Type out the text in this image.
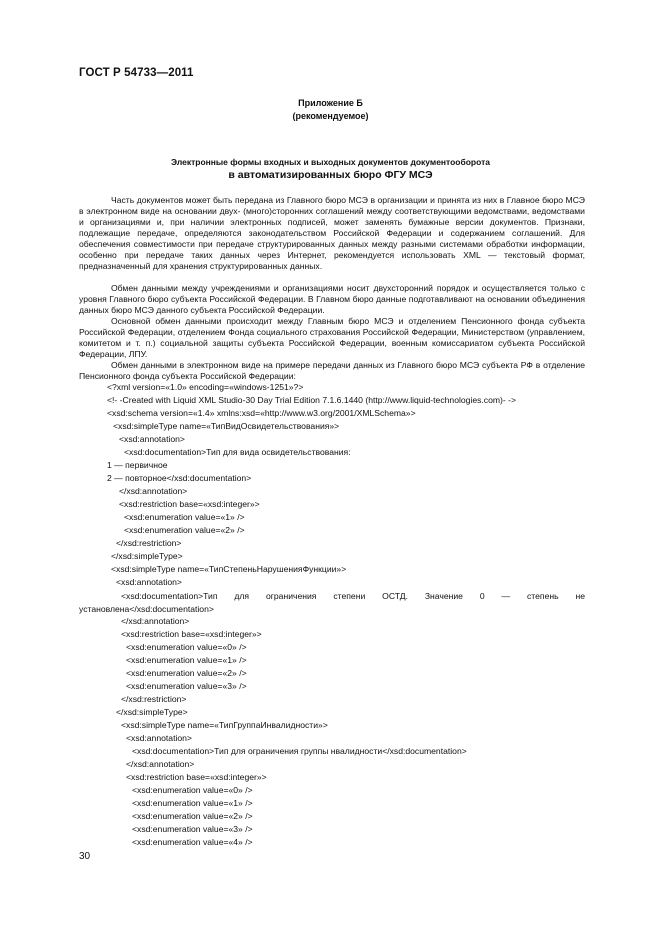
ГОСТ Р 54733—2011
Приложение Б
(рекомендуемое)
Электронные формы входных и выходных документов документооборота
в автоматизированных бюро ФГУ МСЭ

Часть документов может быть передана из Главного бюро МСЭ в организации и принята из них в Главное бюро МСЭ в электронном виде на основании двух- (много)сторонних соглашений между соответствующими ведомствами, ведомствами и организациями и, при наличии электронных подписей, может заменять бумажные версии документов. Признаки, подлежащие передаче, определяются законодательством Российской Федерации и содержанием соглашений. Для обеспечения совместимости при передаче структурированных данных между разными системами обработки информации, особенно при передаче таких данных через Интернет, рекомендуется использовать XML — текстовый формат, предназначенный для хранения структурированных данных.

Обмен данными между учреждениями и организациями носит двухсторонний порядок и осуществляется только с уровня Главного бюро субъекта Российской Федерации. В Главном бюро данные подготавливают на основании объединения данных бюро МСЭ данного субъекта Российской Федерации.

Основной обмен данными происходит между Главным бюро МСЭ и отделением Пенсионного фонда субъекта Российской Федерации, отделением Фонда социального страхования Российской Федерации, Министерством (управлением, комитетом и т. п.) социальной защиты субъекта Российской Федерации, военным комиссариатом субъекта Российской Федерации, ЛПУ.

Обмен данными в электронном виде на примере передачи данных из Главного бюро МСЭ субъекта РФ в отделение Пенсионного фонда субъекта Российской Федерации:

<?xml version=«1.0» encoding=«windows-1251»?>
<!- -Created with Liquid XML Studio-30 Day Trial Edition 7.1.6.1440 (http://www.liquid-technologies.com)- ->
<xsd:schema version=«1.4» xmlns:xsd=«http://www.w3.org/2001/XMLSchema»>
<xsd:simpleType name=«ТипВидОсвидетельствования»>
<xsd:annotation>
<xsd:documentation>Тип для вида освидетельствования:
1 — первичное
2 — повторное</xsd:documentation>
</xsd:annotation>
<xsd:restriction base=«xsd:integer»>
<xsd:enumeration value=«1» />
<xsd:enumeration value=«2» />
</xsd:restriction>
</xsd:simpleType>
<xsd:simpleType name=«ТипСтепеньНарушенияФункции»>
<xsd:annotation>
<xsd:documentation>Тип для ограничения степени ОСТД. Значение 0 — степень не установлена</xsd:documentation>
</xsd:annotation>
<xsd:restriction base=«xsd:integer»>
<xsd:enumeration value=«0» />
<xsd:enumeration value=«1» />
<xsd:enumeration value=«2» />
<xsd:enumeration value=«3» />
</xsd:restriction>
</xsd:simpleType>
<xsd:simpleType name=«ТипГруппаИнвалидности»>
<xsd:annotation>
<xsd:documentation>Тип для ограничения группы нвалидности</xsd:documentation>
</xsd:annotation>
<xsd:restriction base=«xsd:integer»>
<xsd:enumeration value=«0» />
<xsd:enumeration value=«1» />
<xsd:enumeration value=«2» />
<xsd:enumeration value=«3» />
<xsd:enumeration value=«4» />
30
